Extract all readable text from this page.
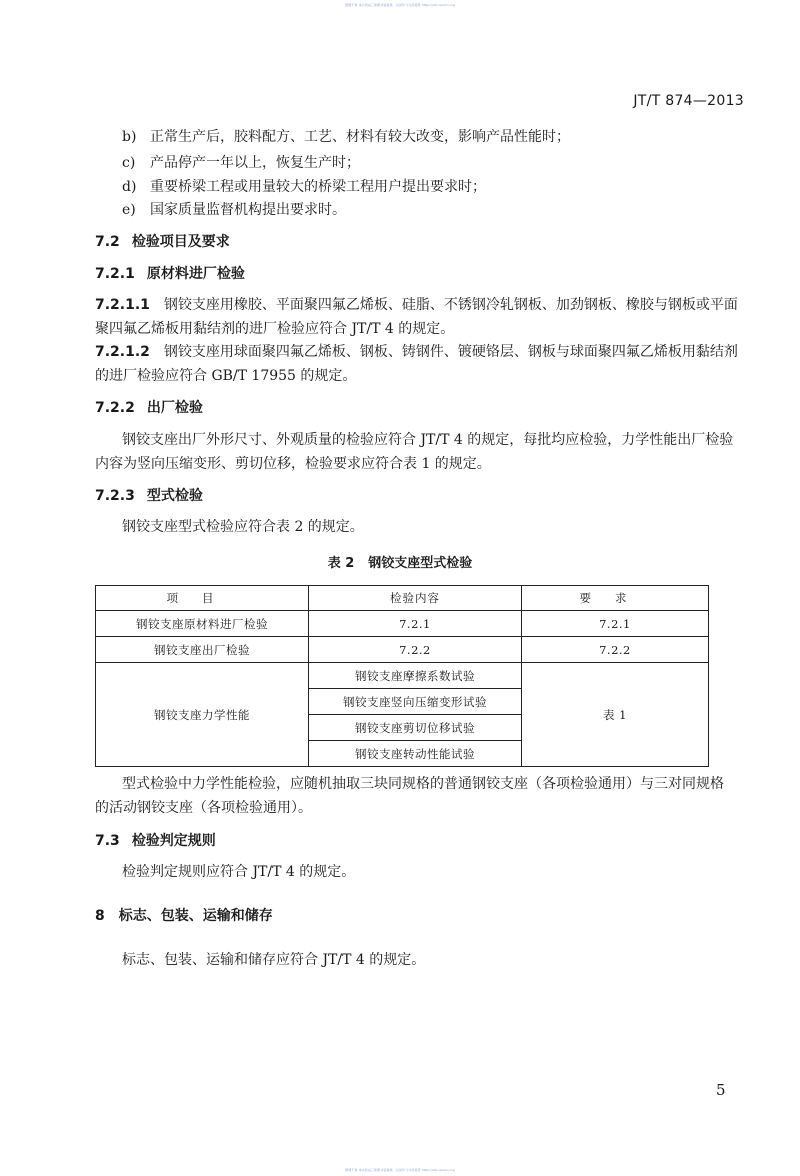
整理不易 本文档由三新图书馆提供 · 仅供学习交流使用 https://lib.sanxin.org
JT/T 874—2013
b) 正常生产后，胶料配方、工艺、材料有较大改变，影响产品性能时；
c) 产品停产一年以上，恢复生产时；
d) 重要桥梁工程或用量较大的桥梁工程用户提出要求时；
e) 国家质量监督机构提出要求时。
7.2 检验项目及要求
7.2.1 原材料进厂检验
7.2.1.1 钢铰支座用橡胶、平面聚四氟乙烯板、硅脂、不锈钢冷轧钢板、加劲钢板、橡胶与钢板或平面
聚四氟乙烯板用黏结剂的进厂检验应符合 JT/T 4 的规定。
7.2.1.2 钢铰支座用球面聚四氟乙烯板、钢板、铸钢件、镀硬铬层、钢板与球面聚四氟乙烯板用黏结剂
的进厂检验应符合 GB/T 17955 的规定。
7.2.2 出厂检验
钢铰支座出厂外形尺寸、外观质量的检验应符合 JT/T 4 的规定，每批均应检验，力学性能出厂检验
内容为竖向压缩变形、剪切位移，检验要求应符合表 1 的规定。
7.2.3 型式检验
钢铰支座型式检验应符合表 2 的规定。
表 2 钢铰支座型式检验
项目	检验内容	要求
钢铰支座原材料进厂检验	7.2.1	7.2.1
钢铰支座出厂检验	7.2.2	7.2.2
钢铰支座力学性能	钢铰支座摩擦系数试验	表 1
	钢铰支座竖向压缩变形试验	
	钢铰支座剪切位移试验	
	钢铰支座转动性能试验	
型式检验中力学性能检验，应随机抽取三块同规格的普通钢铰支座（各项检验通用）与三对同规格
的活动钢铰支座（各项检验通用）。
7.3 检验判定规则
检验判定规则应符合 JT/T 4 的规定。
8 标志、包装、运输和储存
标志、包装、运输和储存应符合 JT/T 4 的规定。
5
整理不易 本文档由三新图书馆提供 · 仅供学习交流使用 https://lib.sanxin.org
